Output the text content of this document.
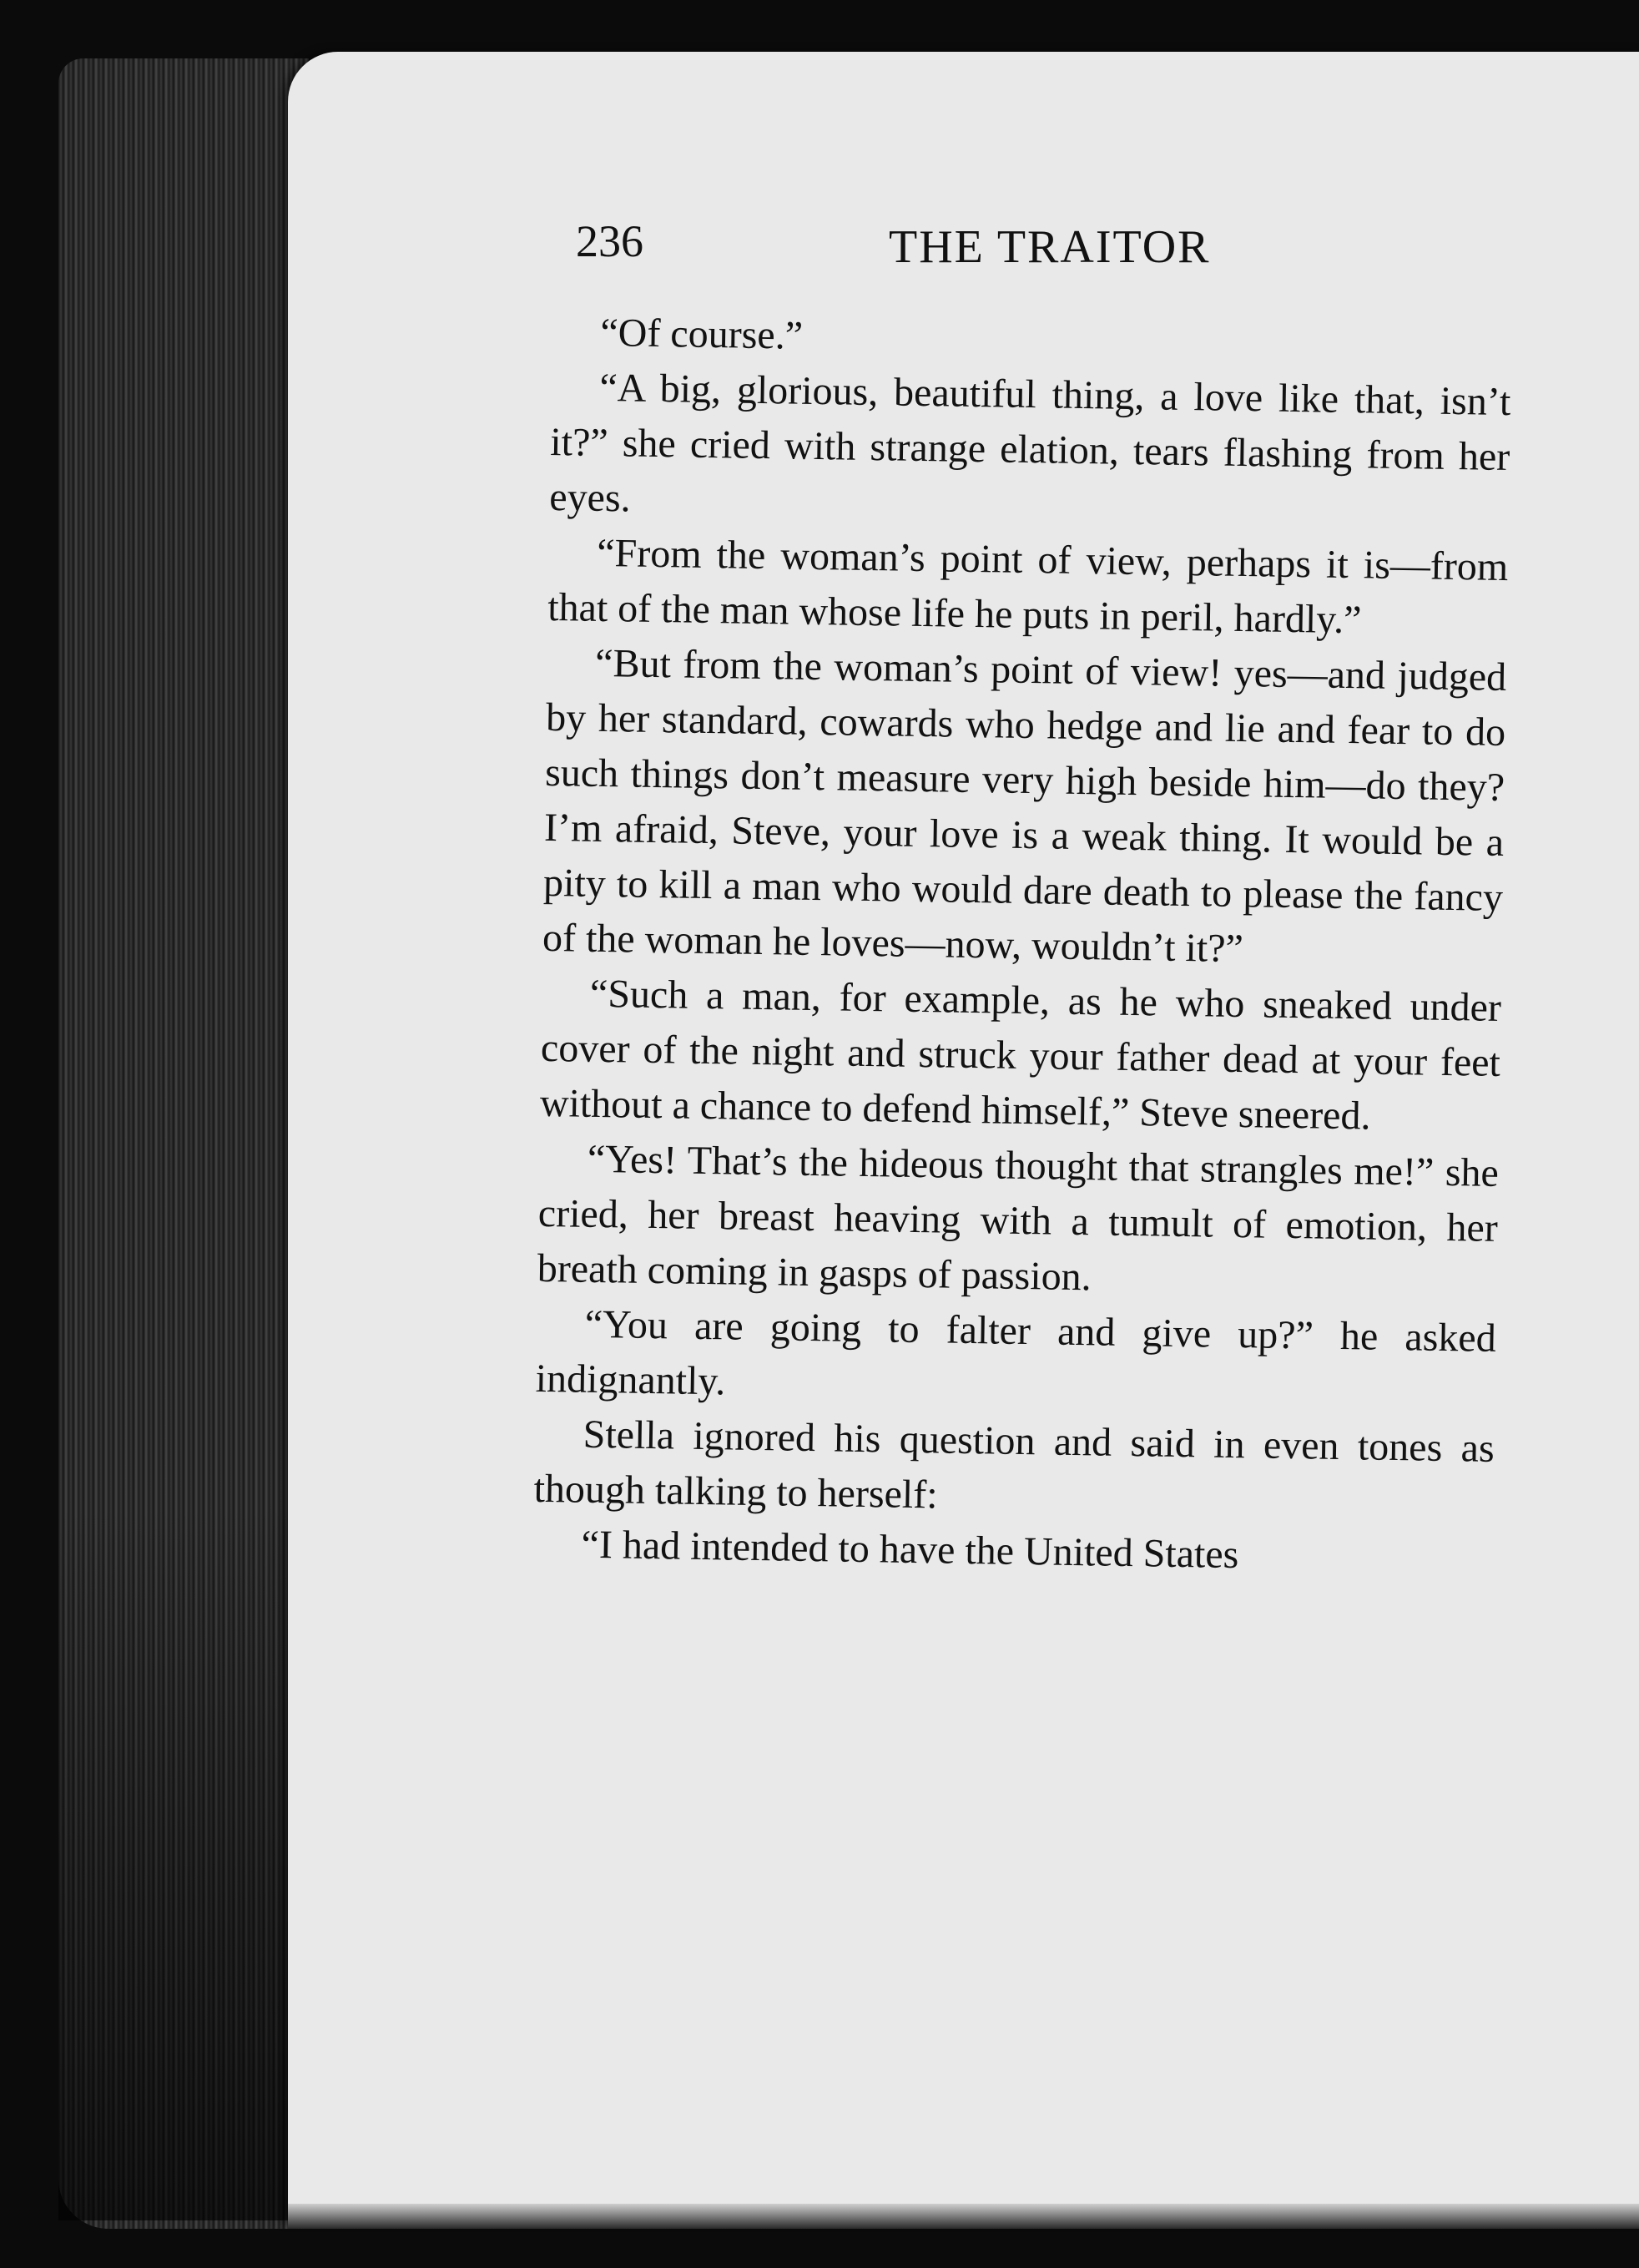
236	THE TRAITOR

“Of course.”

“A big, glorious, beautiful thing, a love like that, isn’t it?” she cried with strange elation, tears flashing from her eyes.

“From the woman’s point of view, perhaps it is—from that of the man whose life he puts in peril, hardly.”

“But from the woman’s point of view! yes—and judged by her standard, cowards who hedge and lie and fear to do such things don’t measure very high beside him—do they? I’m afraid, Steve, your love is a weak thing. It would be a pity to kill a man who would dare death to please the fancy of the woman he loves—now, wouldn’t it?”

“Such a man, for example, as he who sneaked under cover of the night and struck your father dead at your feet without a chance to defend himself,” Steve sneered.

“Yes! That’s the hideous thought that strangles me!” she cried, her breast heaving with a tumult of emotion, her breath coming in gasps of passion.

“You are going to falter and give up?” he asked indignantly.

Stella ignored his question and said in even tones as though talking to herself:

“I had intended to have the United States
